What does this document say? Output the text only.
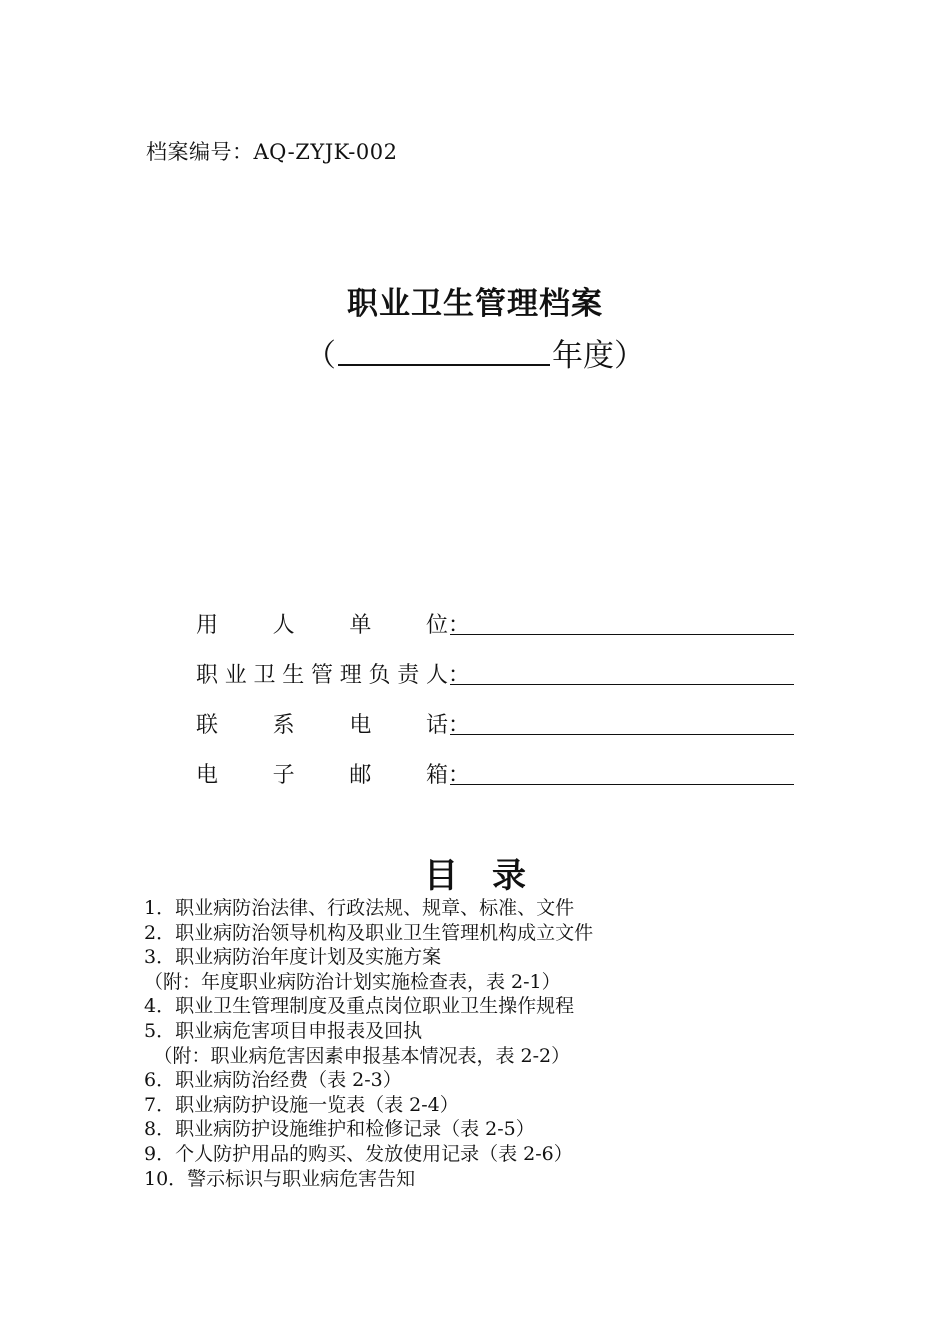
档案编号：AQ-ZYJK-002
职业卫生管理档案
（	年度）
用　　人　　单　　位 ：
职业卫生管理负责人 ：
联　　系　　电　　话 ：
电　　子　　邮　　箱 ：
目 录
1．职业病防治法律、行政法规、规章、标准、文件
2．职业病防治领导机构及职业卫生管理机构成立文件
3．职业病防治年度计划及实施方案
（附：年度职业病防治计划实施检查表，表 2-1）
4．职业卫生管理制度及重点岗位职业卫生操作规程
5．职业病危害项目申报表及回执
　（附：职业病危害因素申报基本情况表，表 2-2）
6．职业病防治经费（表 2-3）
7．职业病防护设施一览表（表 2-4）
8．职业病防护设施维护和检修记录（表 2-5）
9．个人防护用品的购买、发放使用记录（表 2-6）
10．警示标识与职业病危害告知
